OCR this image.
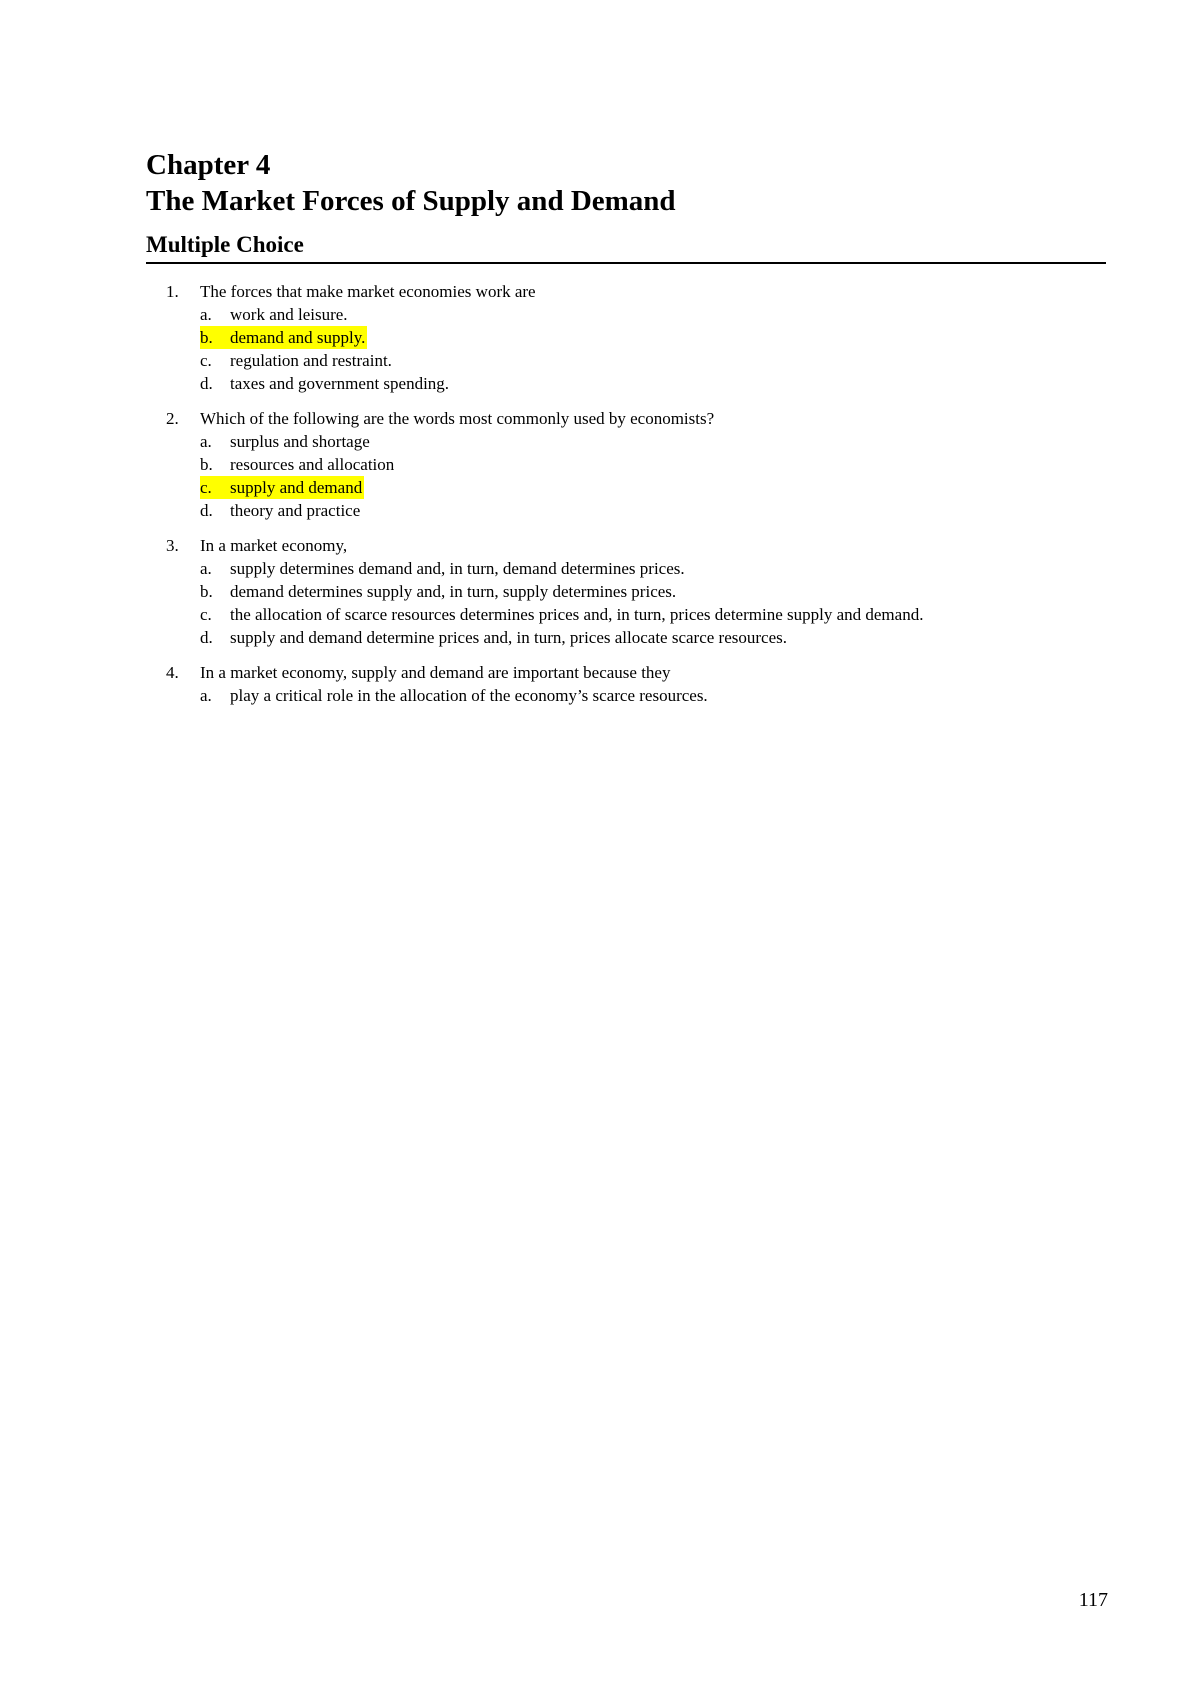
Chapter 4
The Market Forces of Supply and Demand
Multiple Choice
1. The forces that make market economies work are
a. work and leisure.
b. demand and supply.
c. regulation and restraint.
d. taxes and government spending.
2. Which of the following are the words most commonly used by economists?
a. surplus and shortage
b. resources and allocation
c. supply and demand
d. theory and practice
3. In a market economy,
a. supply determines demand and, in turn, demand determines prices.
b. demand determines supply and, in turn, supply determines prices.
c. the allocation of scarce resources determines prices and, in turn, prices determine supply and demand.
d. supply and demand determine prices and, in turn, prices allocate scarce resources.
4. In a market economy, supply and demand are important because they
a. play a critical role in the allocation of the economy’s scarce resources.
117
